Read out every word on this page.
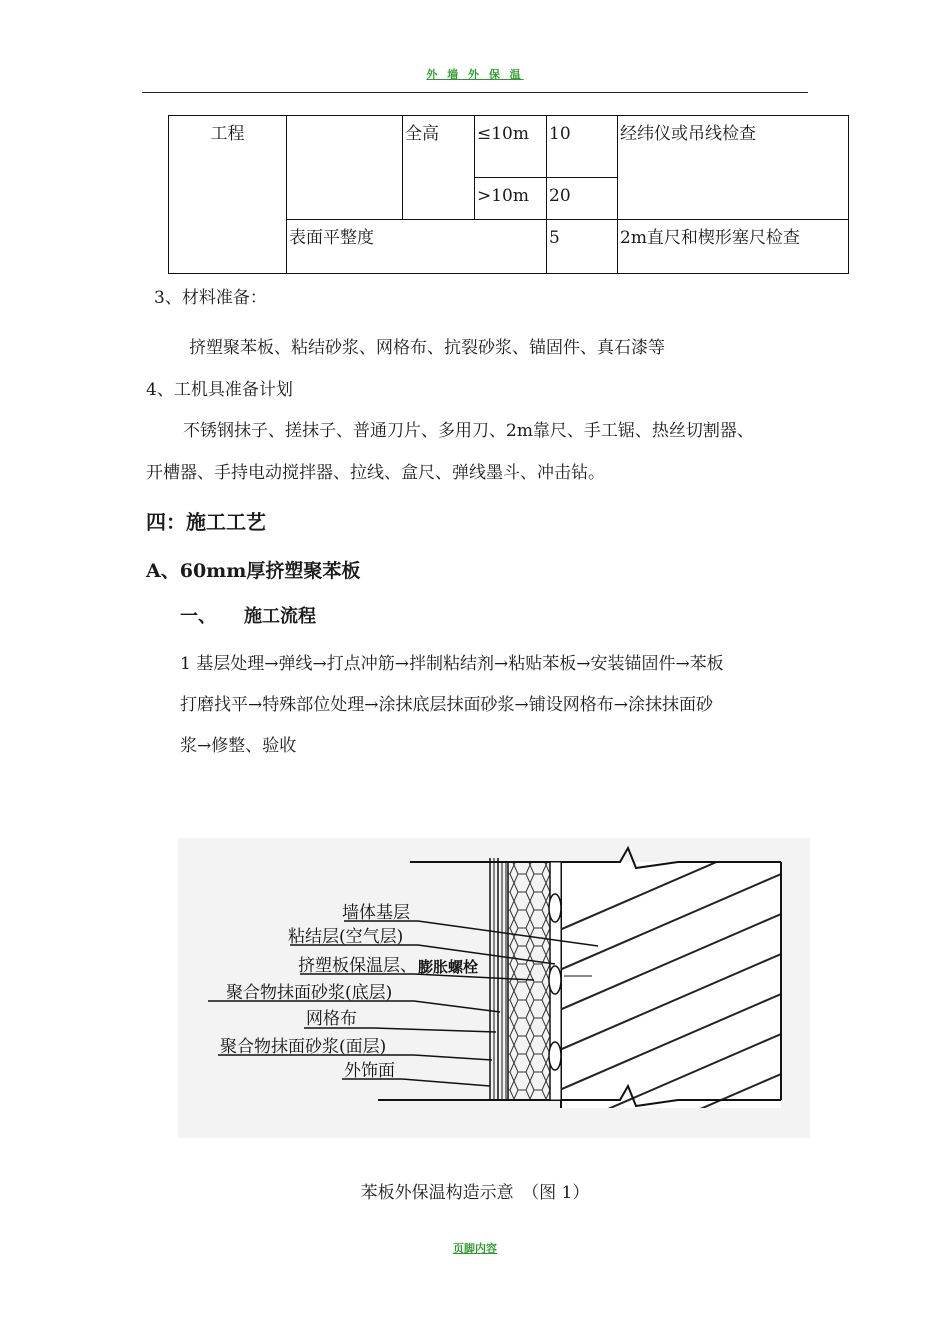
外 墙 外 保 温
工程		全高	≤10m	10	经纬仪或吊线检查
			>10m	20	
	表面平整度			5	2m直尺和楔形塞尺检查
3、材料准备：
挤塑聚苯板、粘结砂浆、网格布、抗裂砂浆、锚固件、真石漆等
4、工机具准备计划
不锈钢抹子、搓抹子、普通刀片、多用刀、2m靠尺、手工锯、热丝切割器、
开槽器、手持电动搅拌器、拉线、盒尺、弹线墨斗、冲击钻。
四：施工工艺
A、60mm厚挤塑聚苯板
一、 施工流程
1 基层处理→弹线→打点冲筋→拌制粘结剂→粘贴苯板→安装锚固件→苯板
打磨找平→特殊部位处理→涂抹底层抹面砂浆→铺设网格布→涂抹抹面砂
浆→修整、验收
墙体基层
粘结层(空气层)
挤塑板保温层、 膨胀螺栓
聚合物抹面砂浆(底层)
网格布
聚合物抹面砂浆(面层)
外饰面
苯板外保温构造示意　（图 1）
页脚内容
